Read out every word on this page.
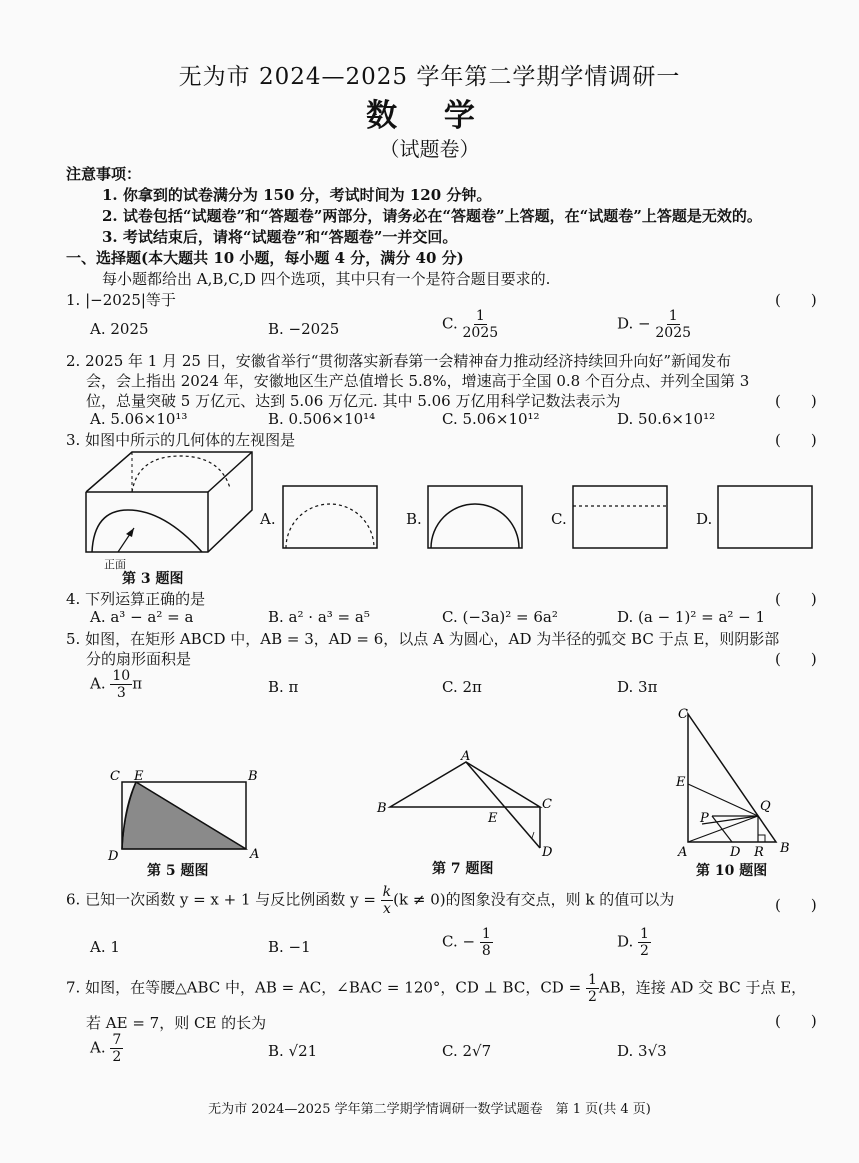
无为市 2024—2025 学年第二学期学情调研一
数 学
（试题卷）
注意事项：
1. 你拿到的试卷满分为 150 分，考试时间为 120 分钟。
2. 试卷包括“试题卷”和“答题卷”两部分，请务必在“答题卷”上答题，在“试题卷”上答题是无效的。
3. 考试结束后，请将“试题卷”和“答题卷”一并交回。
一、选择题(本大题共 10 小题，每小题 4 分，满分 40 分)
每小题都给出 A,B,C,D 四个选项，其中只有一个是符合题目要求的.
1. |−2025|等于	(　　)
A. 2025	B. −2025	C. $\frac{1}{2025}$	D. − $\frac{1}{2025}$
2. 2025 年 1 月 25 日，安徽省举行“贯彻落实新春第一会精神奋力推动经济持续回升向好”新闻发布
会，会上指出 2024 年，安徽地区生产总值增长 5.8%，增速高于全国 0.8 个百分点、并列全国第 3
位，总量突破 5 万亿元、达到 5.06 万亿元. 其中 5.06 万亿用科学记数法表示为	(　　)
A. 5.06×10¹³	B. 0.506×10¹⁴	C. 5.06×10¹²	D. 50.6×10¹²
3. 如图中所示的几何体的左视图是	(　　)
正面
第 3 题图
A.	B.	C.	D.
4. 下列运算正确的是	(　　)
A. a³ − a² = a	B. a² · a³ = a⁵	C. (−3a)² = 6a²	D. (a − 1)² = a² − 1
5. 如图，在矩形 ABCD 中，AB = 3，AD = 6，以点 A 为圆心，AD 为半径的弧交 BC 于点 E，则阴影部
分的扇形面积是	(　　)
A. $\frac{10}{3}$ π	B. π	C. 2π	D. 3π
C E	B
D	A
第 5 题图
A
B	C
E
D
第 7 题图
C
E
P
Q
A	D R B
第 10 题图
6. 已知一次函数 y = x + 1 与反比例函数 $y = \frac{k}{x} (k \ne 0)$的图象没有交点，则 k 的值可以为	(　　)
A. 1	B. −1	C. − $\frac{1}{8}$	D. $\frac{1}{2}$
7. 如图，在等腰△ABC 中，AB = AC，∠BAC = 120°，CD ⊥ BC，CD = $\frac{1}{2}$ AB，连接 AD 交 BC 于点 E，
若 AE = 7，则 CE 的长为	(　　)
A. $\frac{7}{2}$	B. √21	C. 2√7	D. 3√3
无为市 2024—2025 学年第二学期学情调研一数学试题卷　第 1 页(共 4 页)
